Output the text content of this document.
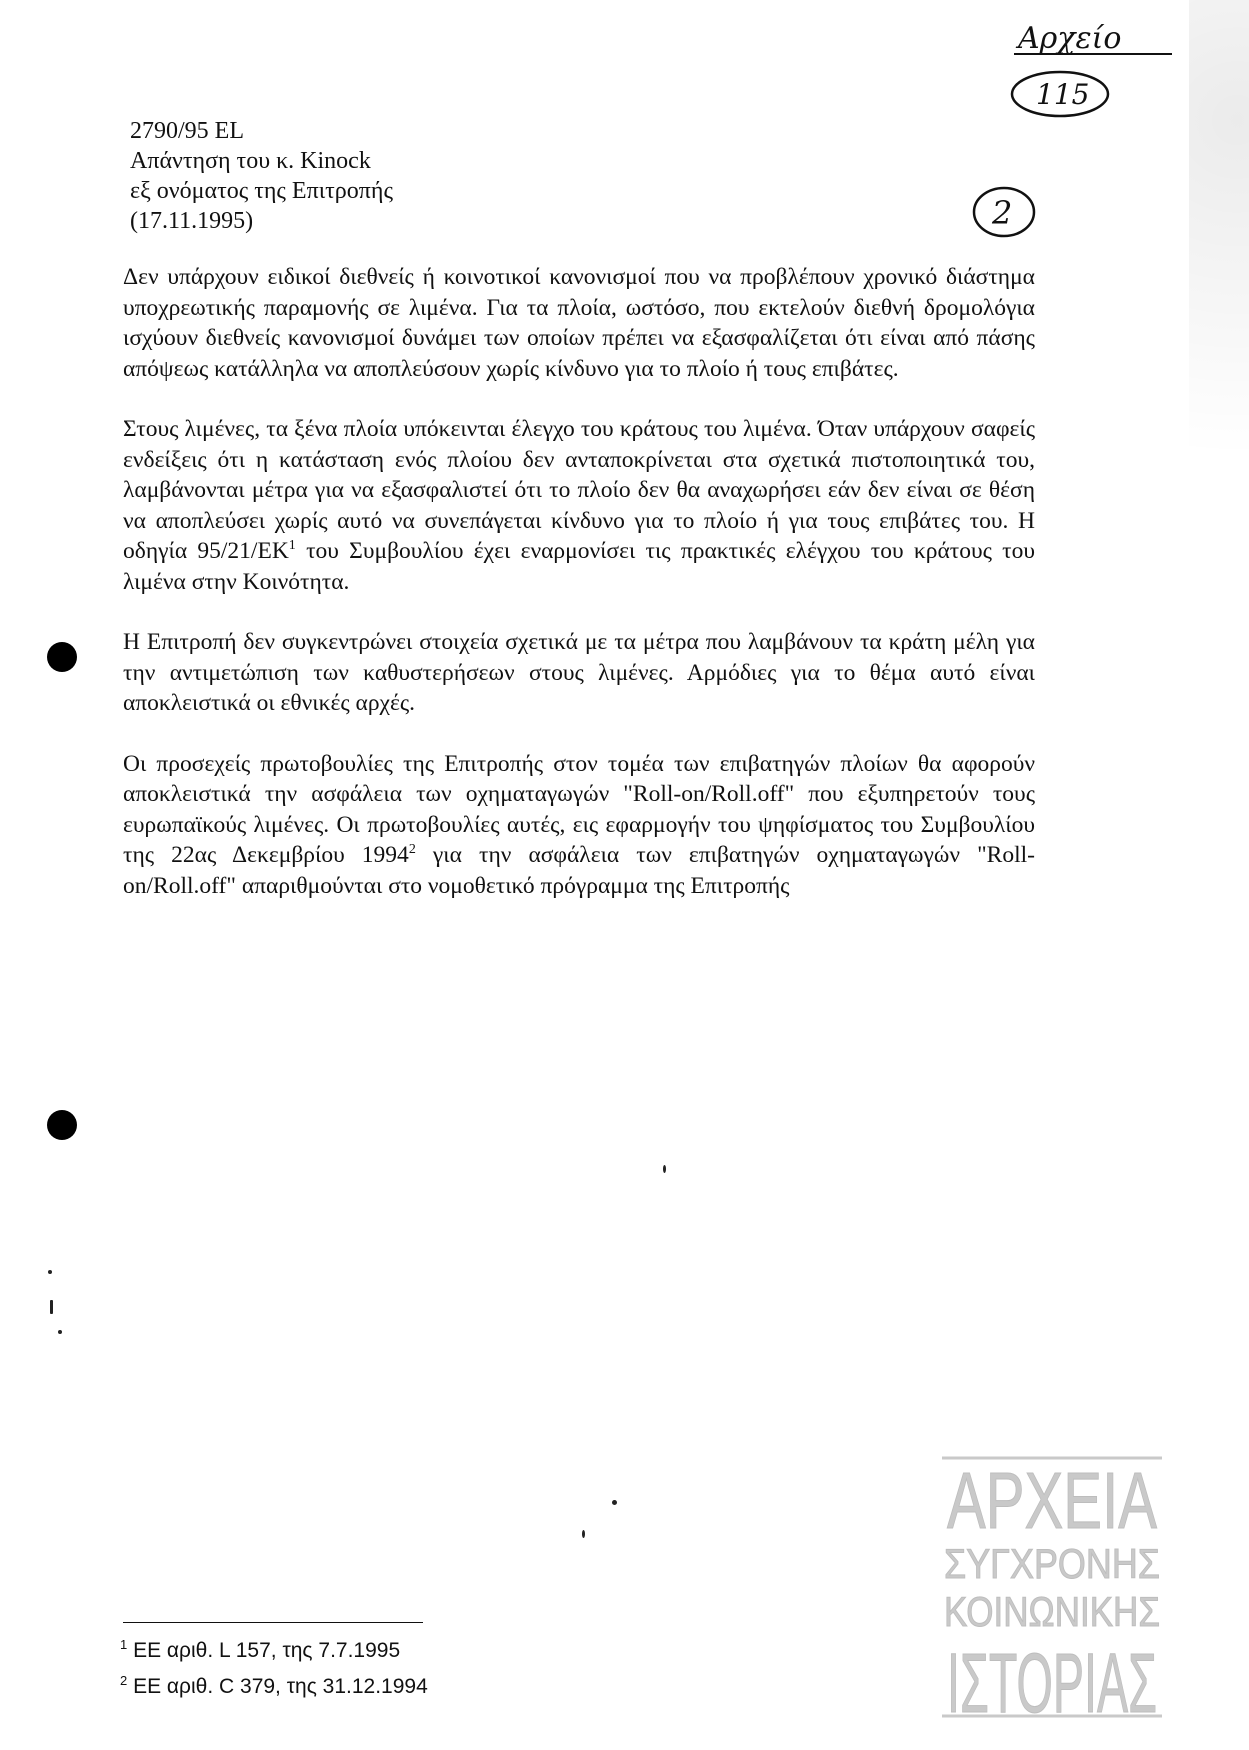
Αρχείο
115
2
2790/95 EL
Απάντηση του κ. Kinock
εξ ονόματος της Επιτροπής
(17.11.1995)

Δεν υπάρχουν ειδικοί διεθνείς ή κοινοτικοί κανονισμοί που να προβλέπουν χρονικό διάστημα υποχρεωτικής παραμονής σε λιμένα. Για τα πλοία, ωστόσο, που εκτελούν διεθνή δρομολόγια ισχύουν διεθνείς κανονισμοί δυνάμει των οποίων πρέπει να εξασφαλίζεται ότι είναι από πάσης απόψεως κατάλληλα να αποπλεύσουν χωρίς κίνδυνο για το πλοίο ή τους επιβάτες.

Στους λιμένες, τα ξένα πλοία υπόκεινται έλεγχο του κράτους του λιμένα. Όταν υπάρχουν σαφείς ενδείξεις ότι η κατάσταση ενός πλοίου δεν ανταποκρίνεται στα σχετικά πιστοποιητικά του, λαμβάνονται μέτρα για να εξασφαλιστεί ότι το πλοίο δεν θα αναχωρήσει εάν δεν είναι σε θέση να αποπλεύσει χωρίς αυτό να συνεπάγεται κίνδυνο για το πλοίο ή για τους επιβάτες του. Η οδηγία $95/21/EK^1$ του Συμβουλίου έχει εναρμονίσει τις πρακτικές ελέγχου του κράτους του λιμένα στην Κοινότητα.

Η Επιτροπή δεν συγκεντρώνει στοιχεία σχετικά με τα μέτρα που λαμβάνουν τα κράτη μέλη για την αντιμετώπιση των καθυστερήσεων στους λιμένες. Αρμόδιες για το θέμα αυτό είναι αποκλειστικά οι εθνικές αρχές.

Οι προσεχείς πρωτοβουλίες της Επιτροπής στον τομέα των επιβατηγών πλοίων θα αφορούν αποκλειστικά την ασφάλεια των οχηματαγωγών "Roll-on/Roll.off" που εξυπηρετούν τους ευρωπαϊκούς λιμένες. Οι πρωτοβουλίες αυτές, εις εφαρμογήν του ψηφίσματος του Συμβουλίου της 22ας Δεκεμβρίου 1994$^2$ για την ασφάλεια των επιβατηγών οχηματαγωγών "Roll-on/Roll.off" απαριθμούνται στο νομοθετικό πρόγραμμα της Επιτροπής

$^1$ ΕΕ αριθ. L 157, της 7.7.1995
$^2$ ΕΕ αριθ. C 379, της 31.12.1994
ΑΡΧΕΙΑ
ΣΥΓΧΡΟΝΗΣ
ΚΟΙΝΩΝΙΚΗΣ
ΙΣΤΟΡΙΑΣ
